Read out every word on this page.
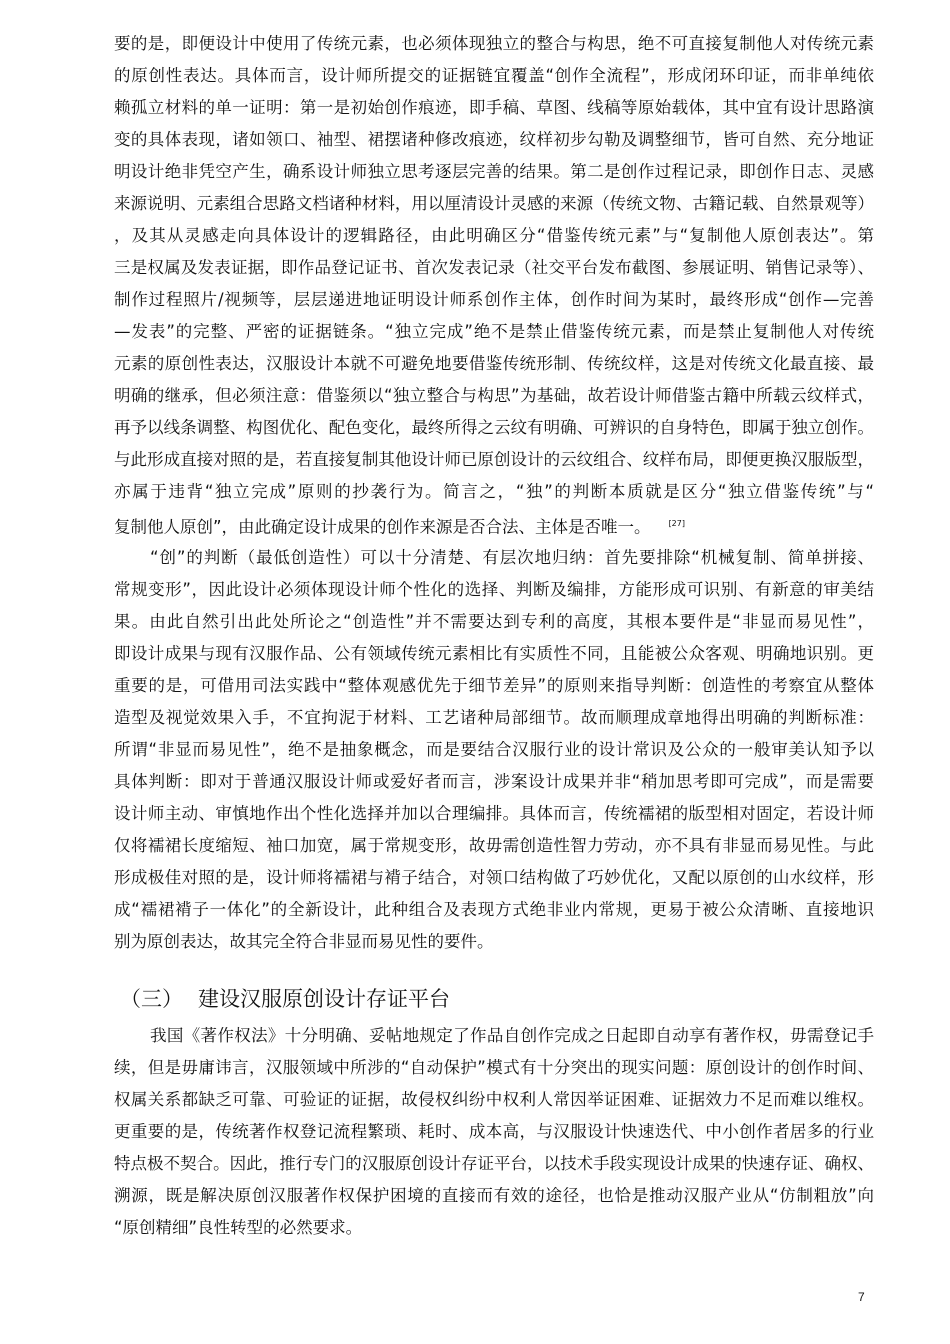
要的是，即便设计中使用了传统元素，也必须体现独立的整合与构思，绝不可直接复制他人对传统元素
的原创性表达。具体而言，设计师所提交的证据链宜覆盖“创作全流程”，形成闭环印证，而非单纯依
赖孤立材料的单一证明：第一是初始创作痕迹，即手稿、草图、线稿等原始载体，其中宜有设计思路演
变的具体表现，诸如领口、袖型、裙摆诸种修改痕迹，纹样初步勾勒及调整细节，皆可自然、充分地证
明设计绝非凭空产生，确系设计师独立思考逐层完善的结果。第二是创作过程记录，即创作日志、灵感
来源说明、元素组合思路文档诸种材料，用以厘清设计灵感的来源（传统文物、古籍记载、自然景观等）
，及其从灵感走向具体设计的逻辑路径，由此明确区分“借鉴传统元素”与“复制他人原创表达”。第
三是权属及发表证据，即作品登记证书、首次发表记录（社交平台发布截图、参展证明、销售记录等）、
制作过程照片/视频等，层层递进地证明设计师系创作主体，创作时间为某时，最终形成“创作—完善
—发表”的完整、严密的证据链条。“独立完成”绝不是禁止借鉴传统元素，而是禁止复制他人对传统
元素的原创性表达，汉服设计本就不可避免地要借鉴传统形制、传统纹样，这是对传统文化最直接、最
明确的继承，但必须注意：借鉴须以“独立整合与构思”为基础，故若设计师借鉴古籍中所载云纹样式，
再予以线条调整、构图优化、配色变化，最终所得之云纹有明确、可辨识的自身特色，即属于独立创作。
与此形成直接对照的是，若直接复制其他设计师已原创设计的云纹组合、纹样布局，即便更换汉服版型，
亦属于违背“独立完成”原则的抄袭行为。简言之，“独”的判断本质就是区分“独立借鉴传统”与“
复制他人原创”，由此确定设计成果的创作来源是否合法、主体是否唯一。 [27]
“创”的判断（最低创造性）可以十分清楚、有层次地归纳：首先要排除“机械复制、简单拼接、
常规变形”，因此设计必须体现设计师个性化的选择、判断及编排，方能形成可识别、有新意的审美结
果。由此自然引出此处所论之“创造性”并不需要达到专利的高度，其根本要件是“非显而易见性”，
即设计成果与现有汉服作品、公有领域传统元素相比有实质性不同，且能被公众客观、明确地识别。更
重要的是，可借用司法实践中“整体观感优先于细节差异”的原则来指导判断：创造性的考察宜从整体
造型及视觉效果入手，不宜拘泥于材料、工艺诸种局部细节。故而顺理成章地得出明确的判断标准：
所谓“非显而易见性”，绝不是抽象概念，而是要结合汉服行业的设计常识及公众的一般审美认知予以
具体判断：即对于普通汉服设计师或爱好者而言，涉案设计成果并非“稍加思考即可完成”，而是需要
设计师主动、审慎地作出个性化选择并加以合理编排。具体而言，传统襦裙的版型相对固定，若设计师
仅将襦裙长度缩短、袖口加宽，属于常规变形，故毋需创造性智力劳动，亦不具有非显而易见性。与此
形成极佳对照的是，设计师将襦裙与褙子结合，对领口结构做了巧妙优化，又配以原创的山水纹样，形
成“襦裙褙子一体化”的全新设计，此种组合及表现方式绝非业内常规，更易于被公众清晰、直接地识
别为原创表达，故其完全符合非显而易见性的要件。
（三） 建设汉服原创设计存证平台
我国《著作权法》十分明确、妥帖地规定了作品自创作完成之日起即自动享有著作权，毋需登记手
续，但是毋庸讳言，汉服领域中所涉的“自动保护”模式有十分突出的现实问题：原创设计的创作时间、
权属关系都缺乏可靠、可验证的证据，故侵权纠纷中权利人常因举证困难、证据效力不足而难以维权。
更重要的是，传统著作权登记流程繁琐、耗时、成本高，与汉服设计快速迭代、中小创作者居多的行业
特点极不契合。因此，推行专门的汉服原创设计存证平台，以技术手段实现设计成果的快速存证、确权、
溯源，既是解决原创汉服著作权保护困境的直接而有效的途径，也恰是推动汉服产业从“仿制粗放”向
“原创精细”良性转型的必然要求。
7
